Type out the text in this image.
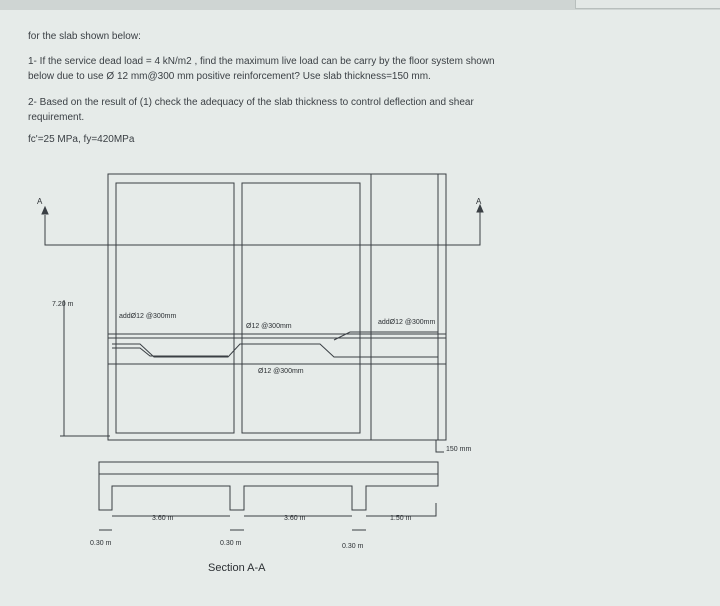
for the slab shown below:
1- If the service dead load = 4 kN/m2 , find the maximum live load can be carry by the floor system shown
below due to use Ø 12 mm@300 mm positive reinforcement? Use slab thickness=150 mm.
2- Based on the result of (1) check the adequacy of the slab thickness to control deflection and shear
requirement.
fc'=25 MPa, fy=420MPa
A	A
7.20 m
addØ12 @300mm
Ø12 @300mm
Ø12 @300mm
addØ12 @300mm
150 mm
3.60 m	3.60 m	1.50 m
0.30 m	0.30 m	0.30 m
Section A-A
